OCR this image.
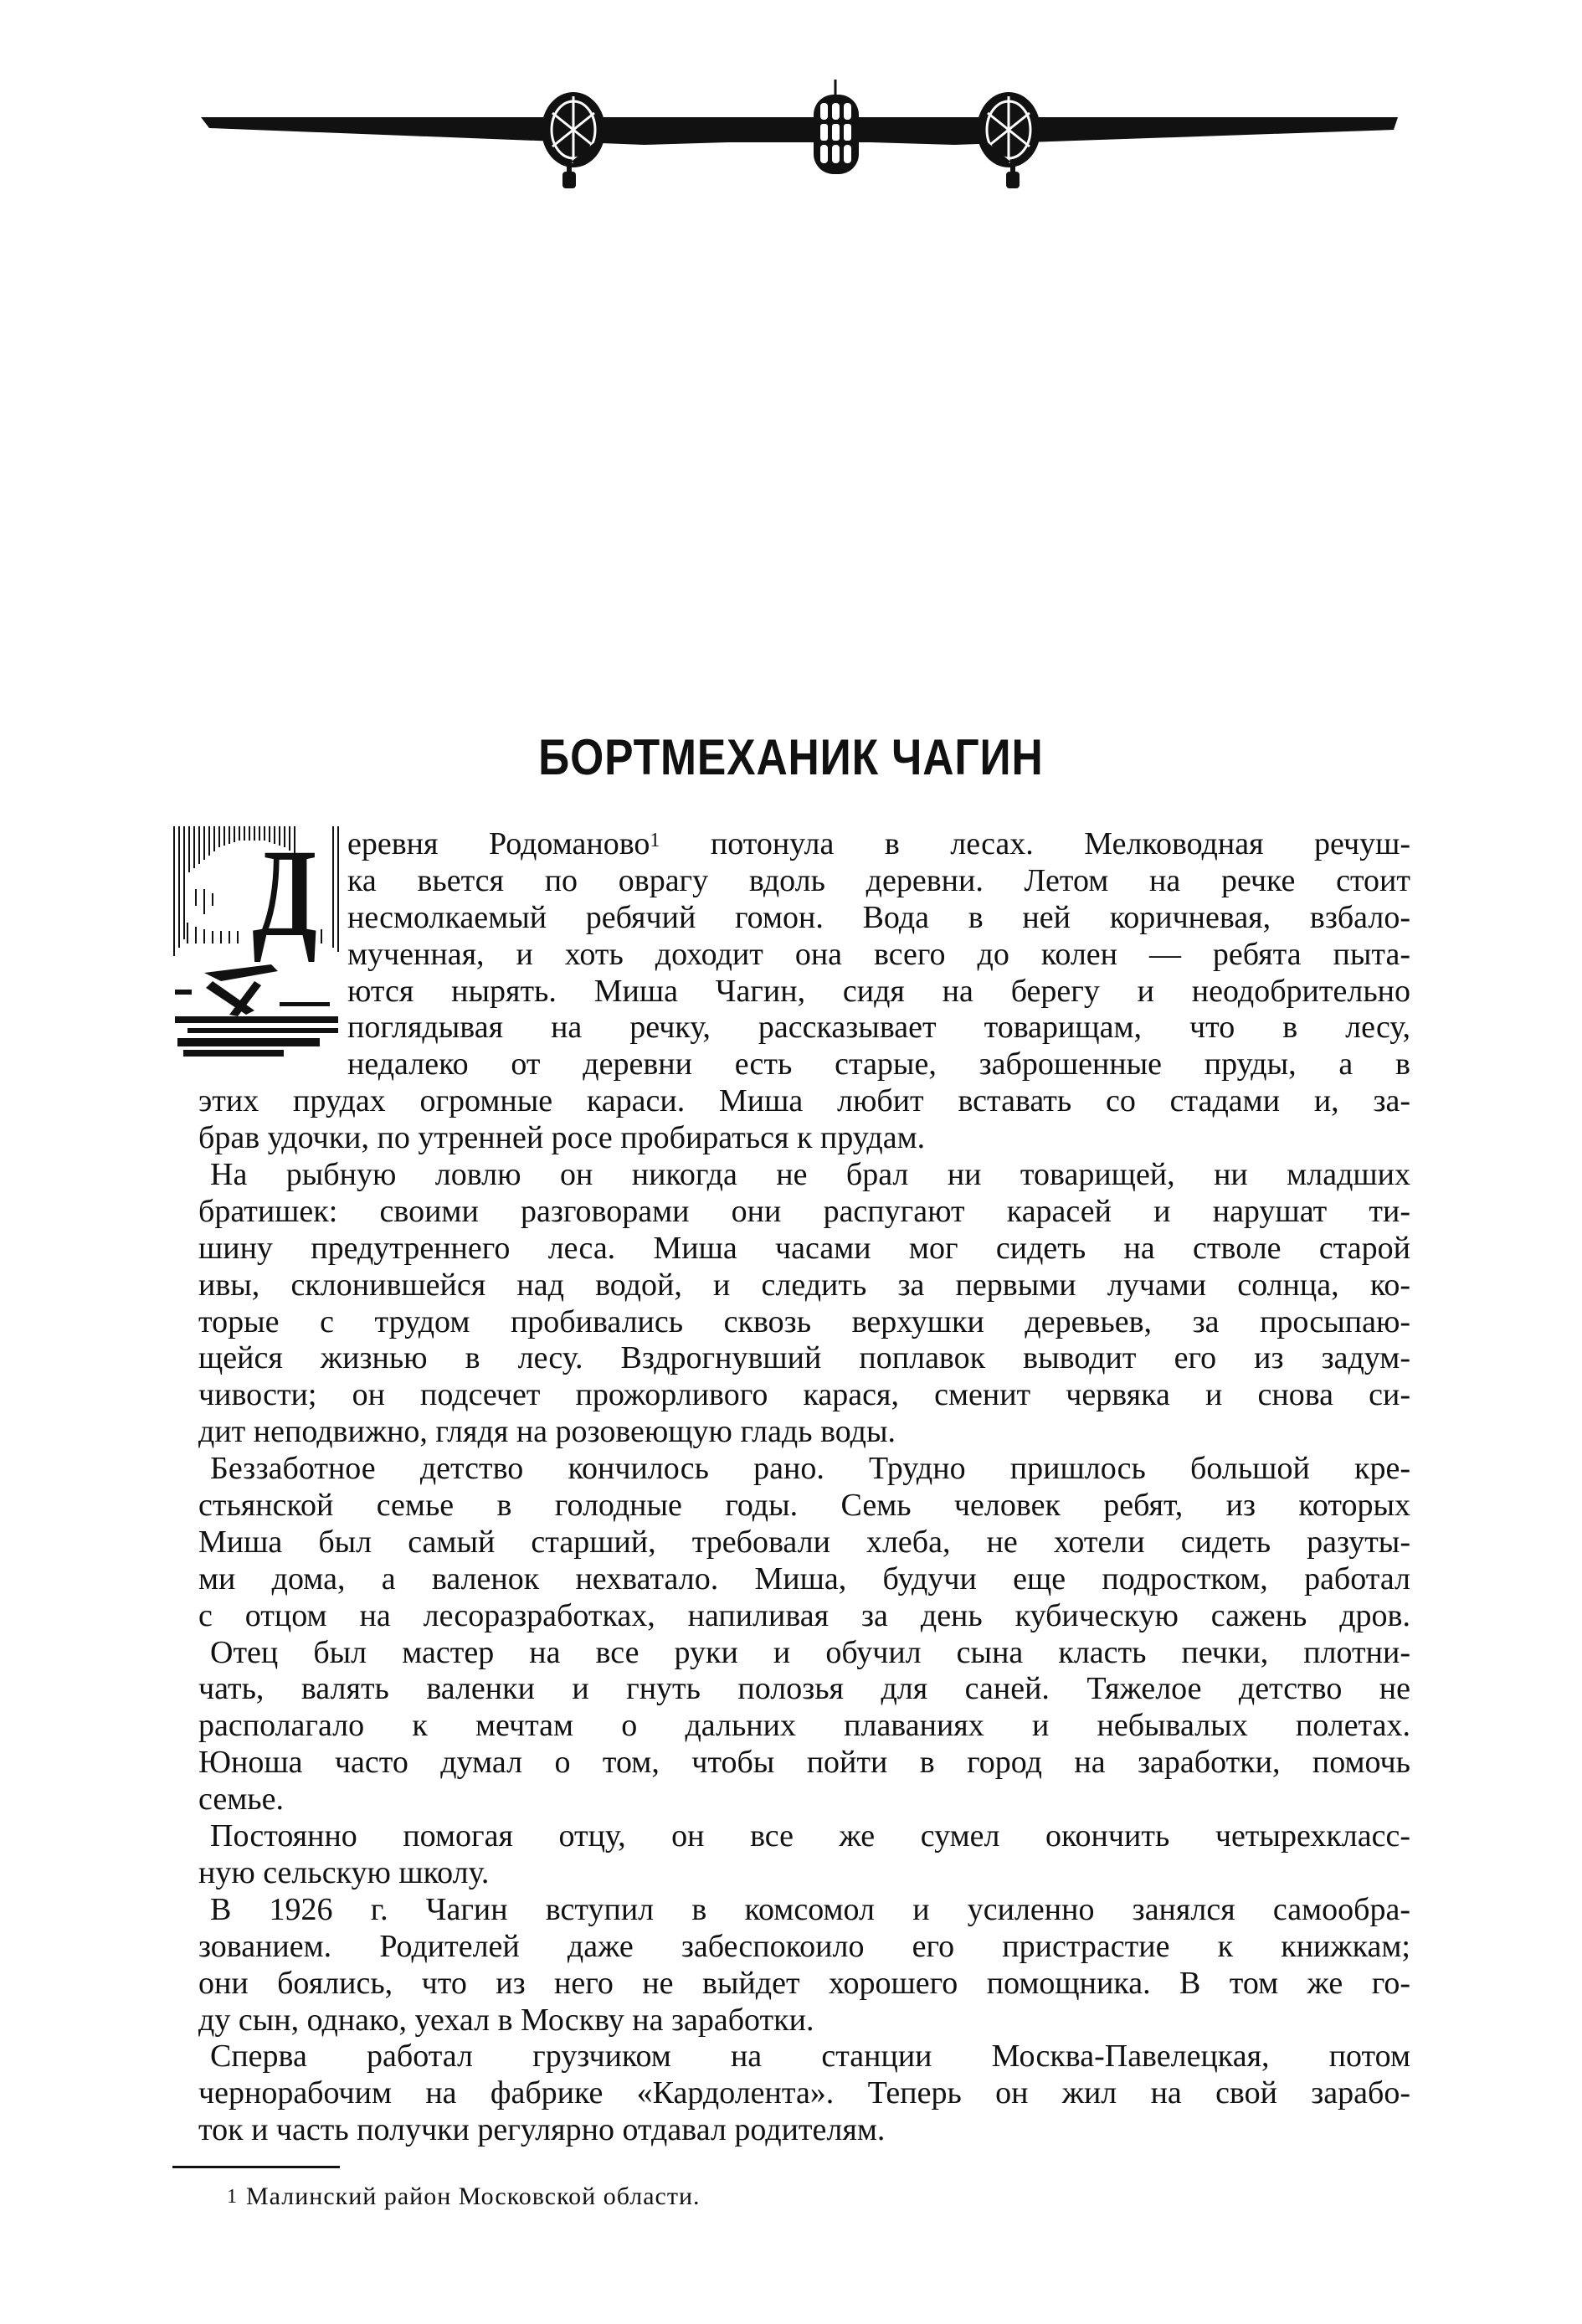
БОРТМЕХАНИК ЧАГИН
Д еревня Родоманово$^1$ потонула в лесах. Мелководная речуш-
ка вьется по оврагу вдоль деревни. Летом на речке стоит
несмолкаемый ребячий гомон. Вода в ней коричневая, взбало-
мученная, и хоть доходит она всего до колен — ребята пыта-
ются нырять. Миша Чагин, сидя на берегу и неодобрительно
поглядывая на речку, рассказывает товарищам, что в лесу,
недалеко от деревни есть старые, заброшенные пруды, а в
этих прудах огромные караси. Миша любит вставать со стадами и, за-
брав удочки, по утренней росе пробираться к прудам.
На рыбную ловлю он никогда не брал ни товарищей, ни младших
братишек: своими разговорами они распугают карасей и нарушат ти-
шину предутреннего леса. Миша часами мог сидеть на стволе старой
ивы, склонившейся над водой, и следить за первыми лучами солнца, ко-
торые с трудом пробивались сквозь верхушки деревьев, за просыпаю-
щейся жизнью в лесу. Вздрогнувший поплавок выводит его из задум-
чивости; он подсечет прожорливого карася, сменит червяка и снова си-
дит неподвижно, глядя на розовеющую гладь воды.
Беззаботное детство кончилось рано. Трудно пришлось большой кре-
стьянской семье в голодные годы. Семь человек ребят, из которых
Миша был самый старший, требовали хлеба, не хотели сидеть разуты-
ми дома, а валенок нехватало. Миша, будучи еще подростком, работал
с отцом на лесоразработках, напиливая за день кубическую сажень дров.
Отец был мастер на все руки и обучил сына класть печки, плотни-
чать, валять валенки и гнуть полозья для саней. Тяжелое детство не
располагало к мечтам о дальних плаваниях и небывалых полетах.
Юноша часто думал о том, чтобы пойти в город на заработки, помочь
семье.
Постоянно помогая отцу, он все же сумел окончить четырехкласс-
ную сельскую школу.
В 1926 г. Чагин вступил в комсомол и усиленно занялся самообра-
зованием. Родителей даже забеспокоило его пристрастие к книжкам;
они боялись, что из него не выйдет хорошего помощника. В том же го-
ду сын, однако, уехал в Москву на заработки.
Сперва работал грузчиком на станции Москва-Павелецкая, потом
чернорабочим на фабрике «Кардолента». Теперь он жил на свой зарабо-
ток и часть получки регулярно отдавал родителям.
$^1$ Малинский район Московской области.
